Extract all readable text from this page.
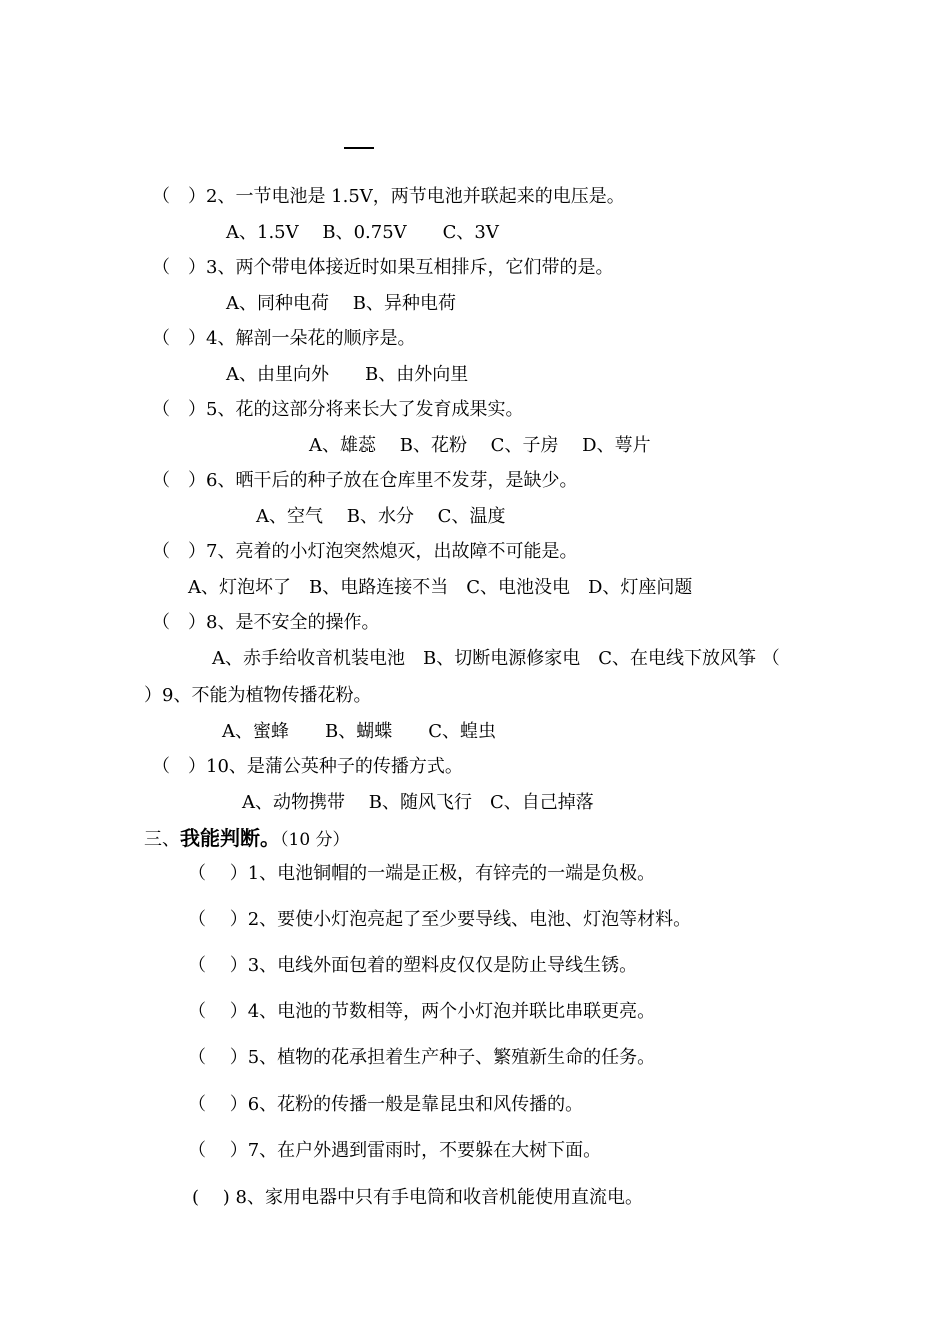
（　）2、一节电池是 1.5V，两节电池并联起来的电压是。
A、1.5V　 B、0.75V　　C、3V
（　）3、两个带电体接近时如果互相排斥，它们带的是。
A、同种电荷　 B、异种电荷
（　）4、解剖一朵花的顺序是。
A、由里向外　　B、由外向里
（　）5、花的这部分将来长大了发育成果实。
A、雄蕊　 B、花粉　 C、子房　 D、萼片
（　）6、晒干后的种子放在仓库里不发芽，是缺少。
A、空气　 B、水分　 C、温度
（　）7、亮着的小灯泡突然熄灭，出故障不可能是。
A、灯泡坏了　B、电路连接不当　C、电池没电　D、灯座问题
（　）8、是不安全的操作。
A、赤手给收音机装电池　B、切断电源修家电　C、在电线下放风筝 （
）9、不能为植物传播花粉。
A、蜜蜂　　B、蝴蝶　　C、蝗虫
（　）10、是蒲公英种子的传播方式。
A、动物携带　 B、随风飞行　C、自己掉落
三、我能判断。（10 分）
（　 ）1、电池铜帽的一端是正极，有锌壳的一端是负极。
（　 ）2、要使小灯泡亮起了至少要导线、电池、灯泡等材料。
（　 ）3、电线外面包着的塑料皮仅仅是防止导线生锈。
（　 ）4、电池的节数相等，两个小灯泡并联比串联更亮。
（　 ）5、植物的花承担着生产种子、繁殖新生命的任务。
（　 ）6、花粉的传播一般是靠昆虫和风传播的。
（　 ）7、在户外遇到雷雨时，不要躲在大树下面。
(　 ) 8、家用电器中只有手电筒和收音机能使用直流电。
